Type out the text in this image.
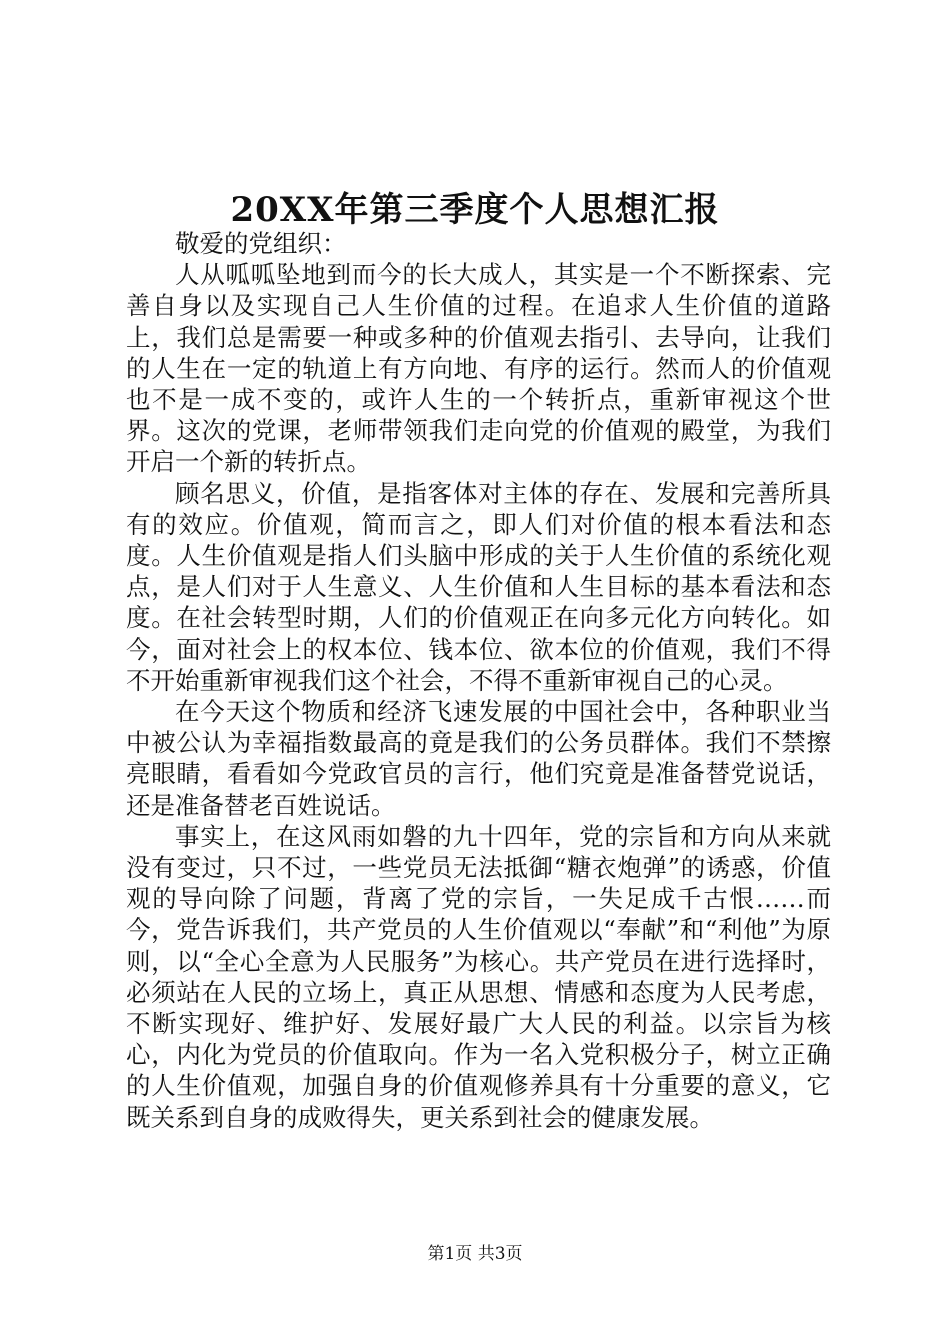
20XX年第三季度个人思想汇报

敬爱的党组织：

人从呱呱坠地到而今的长大成人，其实是一个不断探索、完善自身以及实现自己人生价值的过程。在追求人生价值的道路上，我们总是需要一种或多种的价值观去指引、去导向，让我们的人生在一定的轨道上有方向地、有序的运行。然而人的价值观也不是一成不变的，或许人生的一个转折点，重新审视这个世界。这次的党课，老师带领我们走向党的价值观的殿堂，为我们开启一个新的转折点。

顾名思义，价值，是指客体对主体的存在、发展和完善所具有的效应。价值观，简而言之，即人们对价值的根本看法和态度。人生价值观是指人们头脑中形成的关于人生价值的系统化观点，是人们对于人生意义、人生价值和人生目标的基本看法和态度。在社会转型时期，人们的价值观正在向多元化方向转化。如今，面对社会上的权本位、钱本位、欲本位的价值观，我们不得不开始重新审视我们这个社会，不得不重新审视自己的心灵。

在今天这个物质和经济飞速发展的中国社会中，各种职业当中被公认为幸福指数最高的竟是我们的公务员群体。我们不禁擦亮眼睛，看看如今党政官员的言行，他们究竟是准备替党说话，还是准备替老百姓说话。

事实上，在这风雨如磐的九十四年，党的宗旨和方向从来就没有变过，只不过，一些党员无法抵御“糖衣炮弹”的诱惑，价值观的导向除了问题，背离了党的宗旨，一失足成千古恨……而今，党告诉我们，共产党员的人生价值观以“奉献”和“利他”为原则，以“全心全意为人民服务”为核心。共产党员在进行选择时，必须站在人民的立场上，真正从思想、情感和态度为人民考虑，不断实现好、维护好、发展好最广大人民的利益。以宗旨为核心，内化为党员的价值取向。作为一名入党积极分子，树立正确的人生价值观，加强自身的价值观修养具有十分重要的意义，它既关系到自身的成败得失，更关系到社会的健康发展。

第1页 共3页
